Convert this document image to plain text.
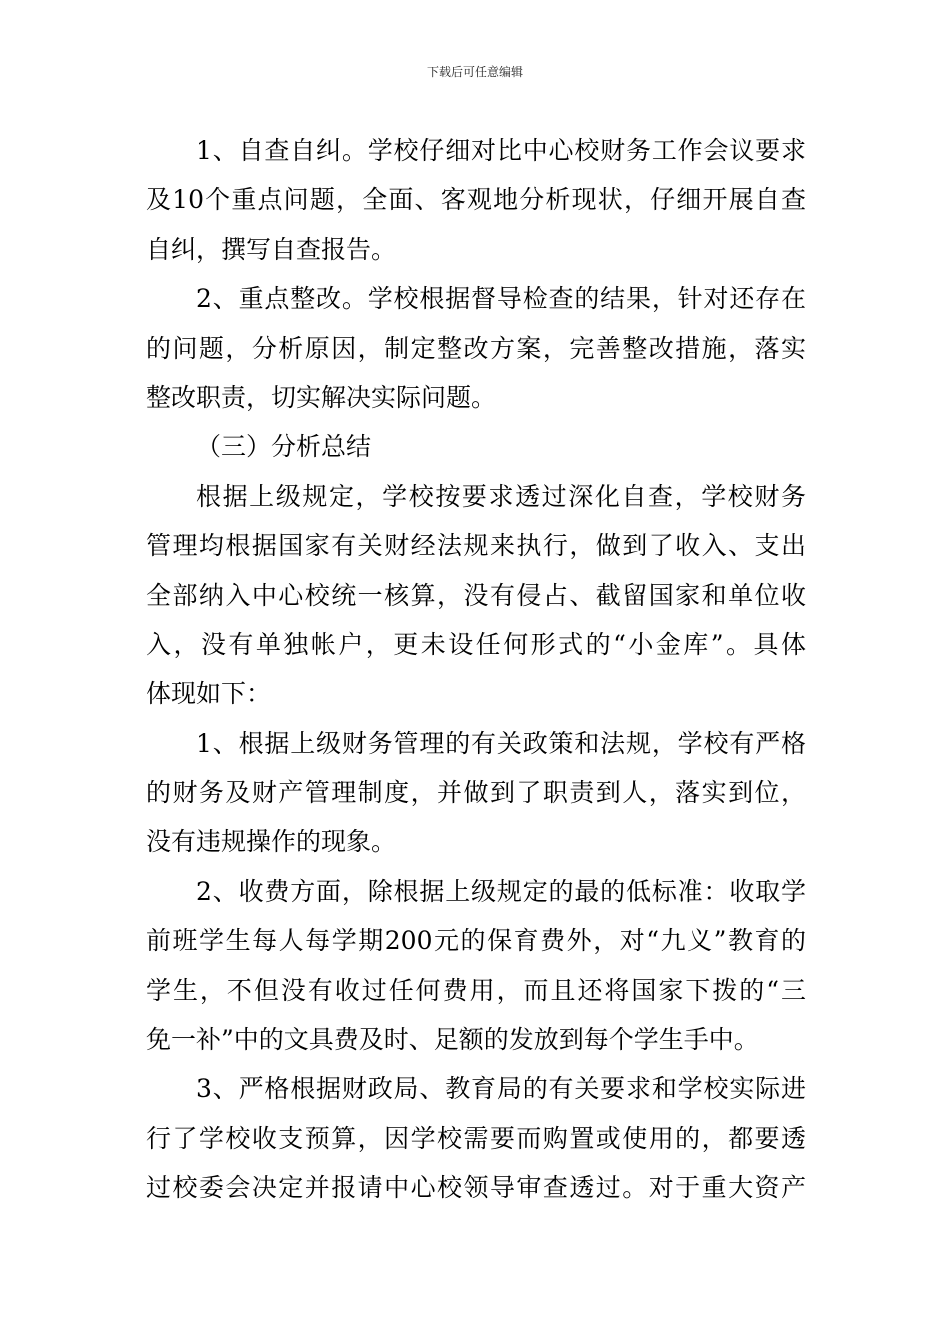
下载后可任意编辑
1、自查自纠。学校仔细对比中心校财务工作会议要求
及10个重点问题，全面、客观地分析现状，仔细开展自查
自纠，撰写自查报告。
2、重点整改。学校根据督导检查的结果，针对还存在
的问题，分析原因，制定整改方案，完善整改措施，落实
整改职责，切实解决实际问题。
（三）分析总结
根据上级规定，学校按要求透过深化自查，学校财务
管理均根据国家有关财经法规来执行，做到了收入、支出
全部纳入中心校统一核算，没有侵占、截留国家和单位收
入，没有单独帐户，更未设任何形式的“小金库”。具体
体现如下：
1、根据上级财务管理的有关政策和法规，学校有严格
的财务及财产管理制度，并做到了职责到人，落实到位，
没有违规操作的现象。
2、收费方面，除根据上级规定的最的低标准：收取学
前班学生每人每学期200元的保育费外，对“九义”教育的
学生，不但没有收过任何费用，而且还将国家下拨的“三
免一补”中的文具费及时、足额的发放到每个学生手中。
3、严格根据财政局、教育局的有关要求和学校实际进
行了学校收支预算，因学校需要而购置或使用的，都要透
过校委会决定并报请中心校领导审查透过。对于重大资产
